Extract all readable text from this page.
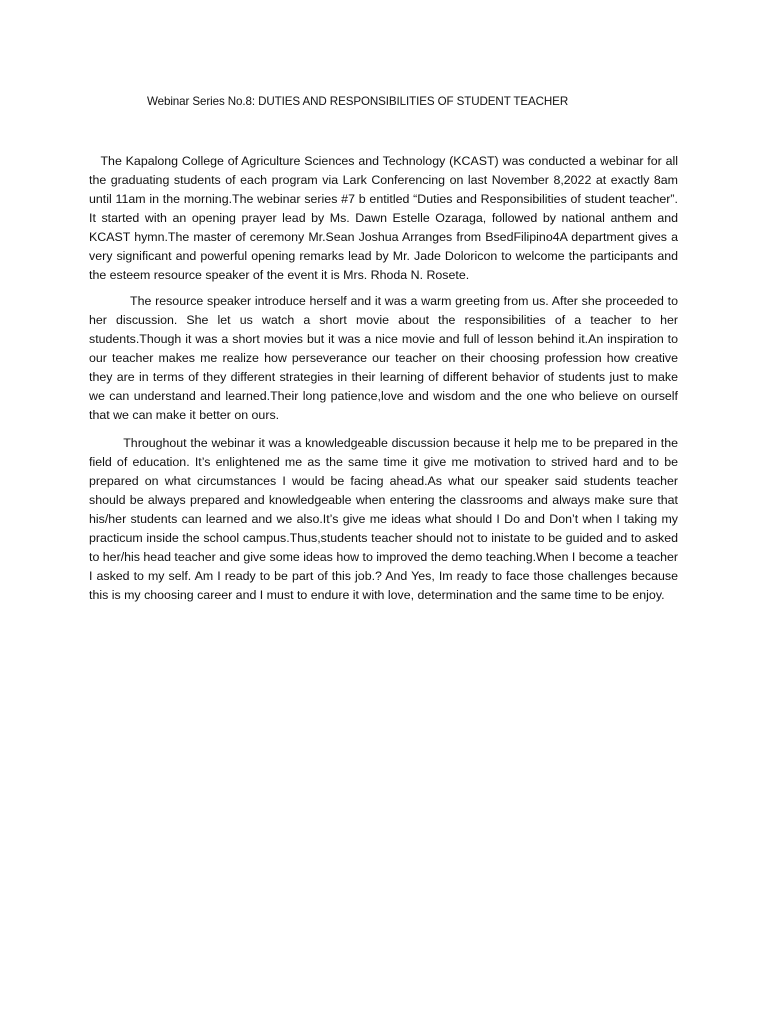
Webinar Series No.8: DUTIES AND RESPONSIBILITIES OF STUDENT TEACHER

The Kapalong College of Agriculture Sciences and Technology (KCAST) was conducted a webinar for all the graduating students of each program via Lark Conferencing on last November 8,2022 at exactly 8am until 11am in the morning.The webinar series #7 b entitled “Duties and Responsibilities of student teacher”. It started with an opening prayer lead by Ms. Dawn Estelle Ozaraga, followed by national anthem and KCAST hymn.The master of ceremony Mr.Sean Joshua Arranges from BsedFilipino4A department gives a very significant and powerful opening remarks lead by Mr. Jade Doloricon to welcome the participants and the esteem resource speaker of the event it is Mrs. Rhoda N. Rosete.

The resource speaker introduce herself and it was a warm greeting from us. After she proceeded to her discussion. She let us watch a short movie about the responsibilities of a teacher to her students.Though it was a short movies but it was a nice movie and full of lesson behind it.An inspiration to our teacher makes me realize how perseverance our teacher on their choosing profession how creative they are in terms of they different strategies in their learning of different behavior of students just to make we can understand and learned.Their long patience,love and wisdom and the one who believe on ourself that we can make it better on ours.

Throughout the webinar it was a knowledgeable discussion because it help me to be prepared in the field of education. It’s enlightened me as the same time it give me motivation to strived hard and to be prepared on what circumstances I would be facing ahead.As what our speaker said students teacher should be always prepared and knowledgeable when entering the classrooms and always make sure that his/her students can learned and we also.It’s give me ideas what should I Do and Don’t when I taking my practicum inside the school campus.Thus,students teacher should not to inistate to be guided and to asked to her/his head teacher and give some ideas how to improved the demo teaching.When I become a teacher I asked to my self. Am I ready to be part of this job.? And Yes, Im ready to face those challenges because this is my choosing career and I must to endure it with love, determination and the same time to be enjoy.
